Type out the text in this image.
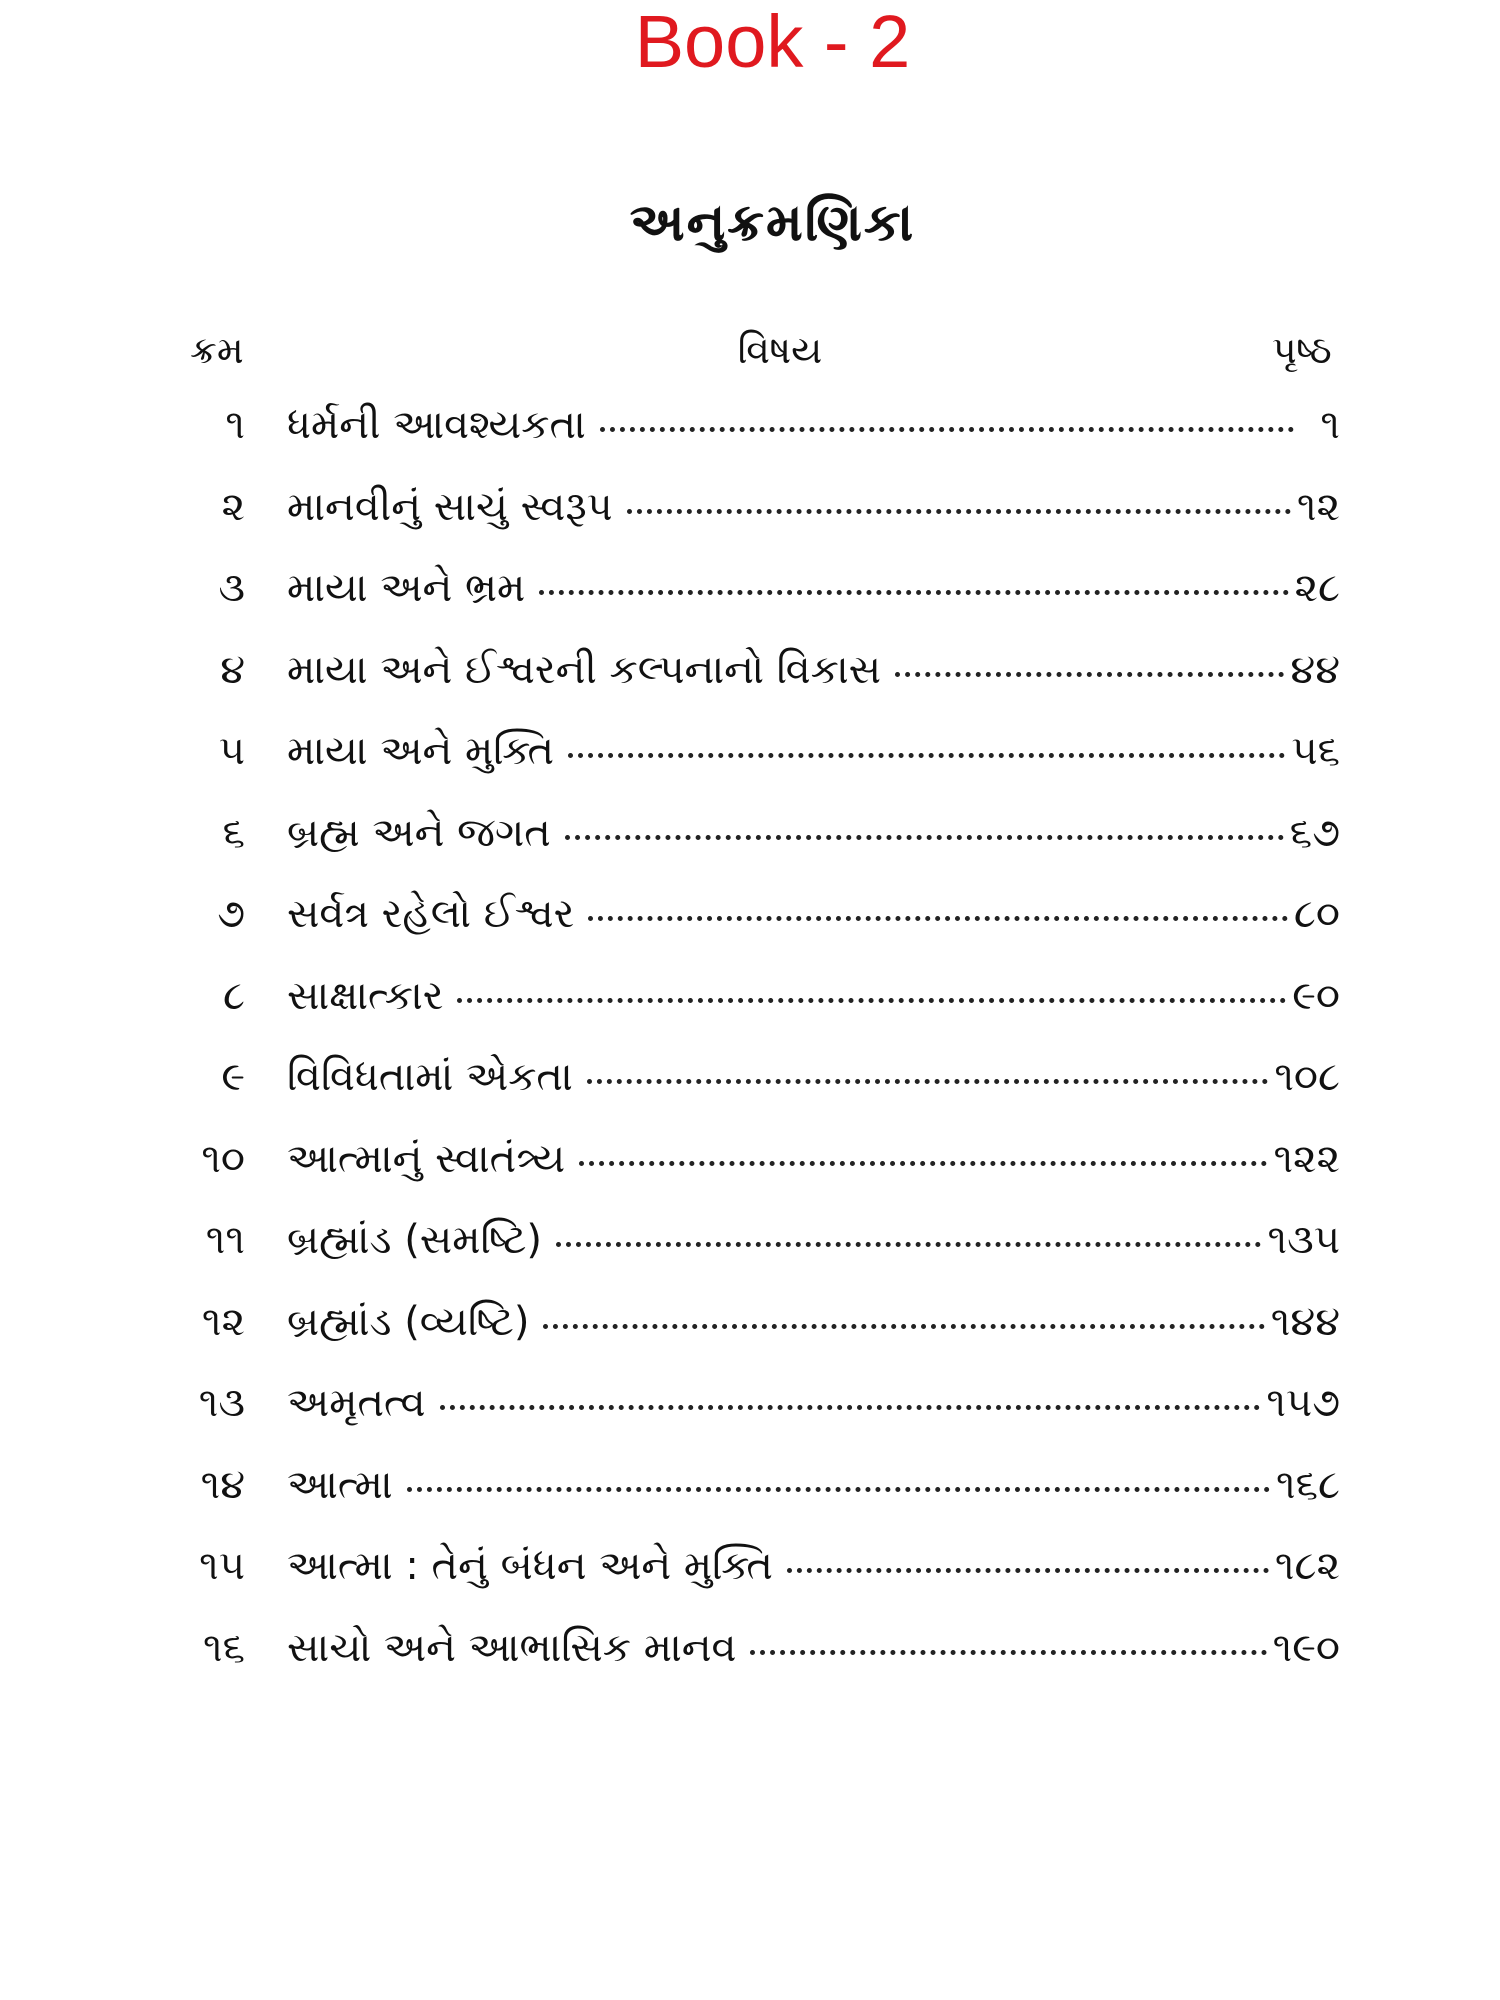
Book - 2
અનુક્રમણિકા
ક્રમ	વિષય	પૃષ્ઠ
૧ ધર્મની આવશ્યકતા	૧
૨ માનવીનું સાચું સ્વરૂપ	૧૨
૩ માયા અને ભ્રમ	૨૮
૪ માયા અને ઈશ્વરની કલ્પનાનો વિકાસ	૪૪
૫ માયા અને મુક્તિ	૫૬
૬ બ્રહ્મ અને જગત	૬૭
૭ સર્વત્ર રહેલો ઈશ્વર	૮૦
૮ સાક્ષાત્કાર	૯૦
૯ વિવિધતામાં એકતા	૧૦૮
૧૦ આત્માનું સ્વાતંત્ર્ય	૧૨૨
૧૧ બ્રહ્માંડ (સમષ્ટિ)	૧૩૫
૧૨ બ્રહ્માંડ (વ્યષ્ટિ)	૧૪૪
૧૩ અમૃતત્વ	૧૫૭
૧૪ આત્મા	૧૬૮
૧૫ આત્મા : તેનું બંધન અને મુક્તિ	૧૮૨
૧૬ સાચો અને આભાસિક માનવ	૧૯૦
